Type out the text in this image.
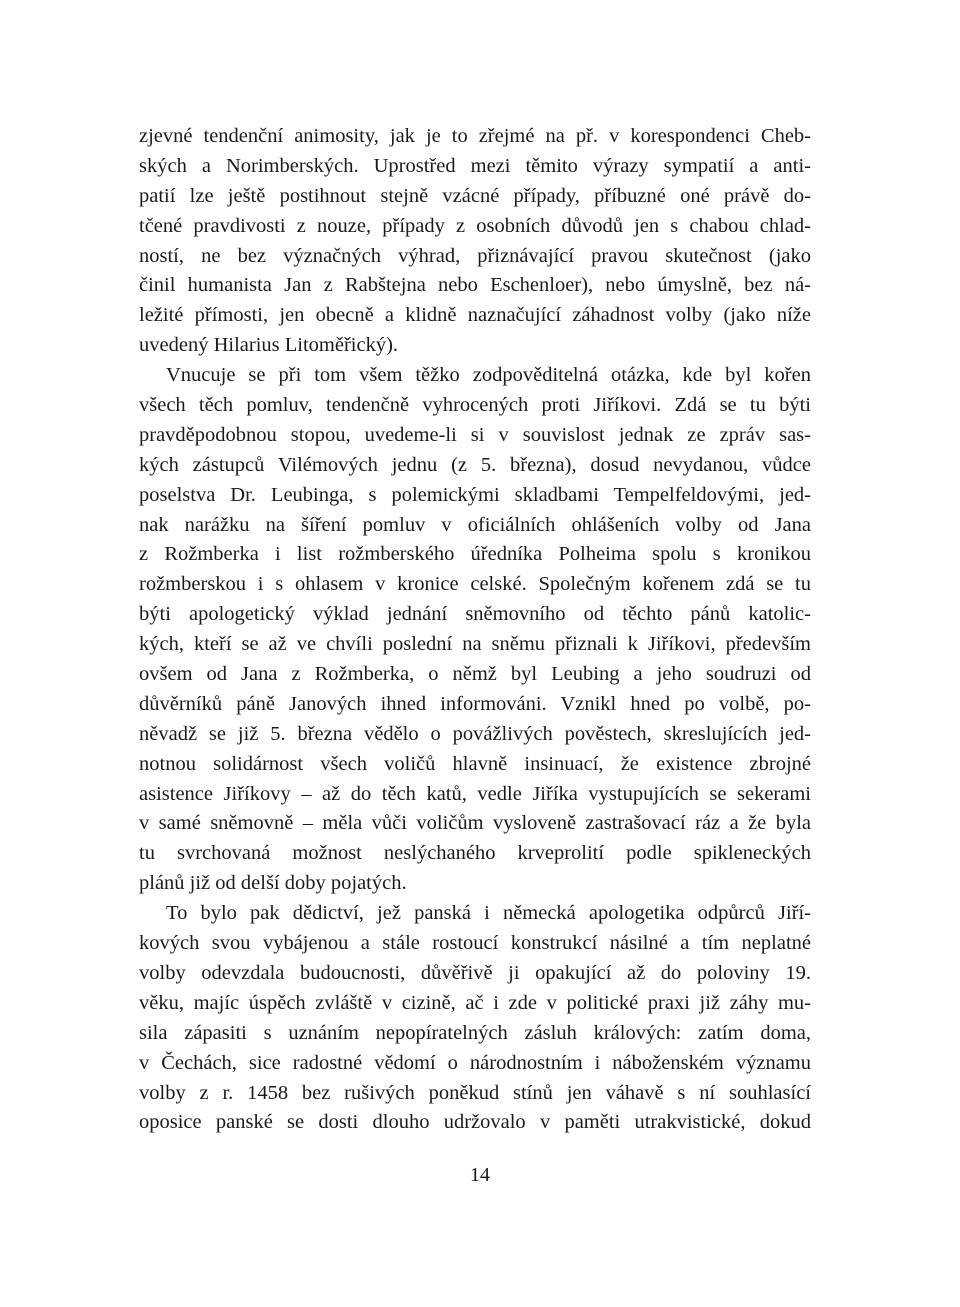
zjevné tendenční animosity, jak je to zřejmé na př. v korespondenci Cheb-
ských a Norimberských. Uprostřed mezi těmito výrazy sympatií a anti-
patií lze ještě postihnout stejně vzácné případy, příbuzné oné právě do-
tčené pravdivosti z nouze, případy z osobních důvodů jen s chabou chlad-
ností, ne bez význačných výhrad, přiznávající pravou skutečnost (jako
činil humanista Jan z Rabštejna nebo Eschenloer), nebo úmyslně, bez ná-
ležité přímosti, jen obecně a klidně naznačující záhadnost volby (jako níže
uvedený Hilarius Litoměřický).
Vnucuje se při tom všem těžko zodpověditelná otázka, kde byl kořen
všech těch pomluv, tendenčně vyhrocených proti Jiříkovi. Zdá se tu býti
pravděpodobnou stopou, uvedeme-li si v souvislost jednak ze zpráv sas-
kých zástupců Vilémových jednu (z 5. března), dosud nevydanou, vůdce
poselstva Dr. Leubinga, s polemickými skladbami Tempelfeldovými, jed-
nak narážku na šíření pomluv v oficiálních ohlášeních volby od Jana
z Rožmberka i list rožmberského úředníka Polheima spolu s kronikou
rožmberskou i s ohlasem v kronice celské. Společným kořenem zdá se tu
býti apologetický výklad jednání sněmovního od těchto pánů katolic-
kých, kteří se až ve chvíli poslední na sněmu přiznali k Jiříkovi, především
ovšem od Jana z Rožmberka, o němž byl Leubing a jeho soudruzi od
důvěrníků páně Janových ihned informováni. Vznikl hned po volbě, po-
něvadž se již 5. března vědělo o povážlivých pověstech, skreslujících jed-
notnou solidárnost všech voličů hlavně insinuací, že existence zbrojné
asistence Jiříkovy – až do těch katů, vedle Jiříka vystupujících se sekerami
v samé sněmovně – měla vůči voličům vysloveně zastrašovací ráz a že byla
tu svrchovaná možnost neslýchaného krveprolití podle spikleneckých
plánů již od delší doby pojatých.
To bylo pak dědictví, jež panská i německá apologetika odpůrců Jiří-
kových svou vybájenou a stále rostoucí konstrukcí násilné a tím neplatné
volby odevzdala budoucnosti, důvěřivě ji opakující až do poloviny 19.
věku, majíc úspěch zvláště v cizině, ač i zde v politické praxi již záhy mu-
sila zápasiti s uznáním nepopíratelných zásluh králových: zatím doma,
v Čechách, sice radostné vědomí o národnostním i náboženském významu
volby z r. 1458 bez rušivých poněkud stínů jen váhavě s ní souhlasící
oposice panské se dosti dlouho udržovalo v paměti utrakvistické, dokud
14
